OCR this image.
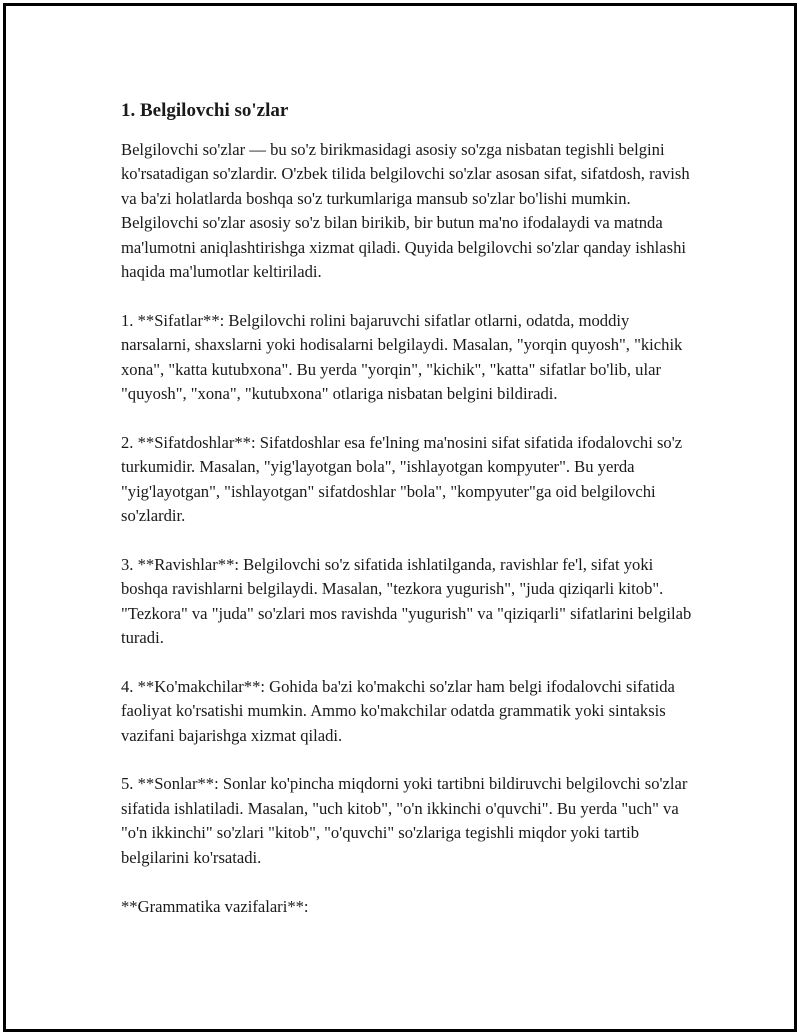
1. Belgilovchi so'zlar

Belgilovchi so'zlar — bu so'z birikmasidagi asosiy so'zga nisbatan tegishli belgini ko'rsatadigan so'zlardir. O'zbek tilida belgilovchi so'zlar asosan sifat, sifatdosh, ravish va ba'zi holatlarda boshqa so'z turkumlariga mansub so'zlar bo'lishi mumkin. Belgilovchi so'zlar asosiy so'z bilan birikib, bir butun ma'no ifodalaydi va matnda ma'lumotni aniqlashtirishga xizmat qiladi. Quyida belgilovchi so'zlar qanday ishlashi haqida ma'lumotlar keltiriladi.

1. **Sifatlar**: Belgilovchi rolini bajaruvchi sifatlar otlarni, odatda, moddiy narsalarni, shaxslarni yoki hodisalarni belgilaydi. Masalan, "yorqin quyosh", "kichik xona", "katta kutubxona". Bu yerda "yorqin", "kichik", "katta" sifatlar bo'lib, ular "quyosh", "xona", "kutubxona" otlariga nisbatan belgini bildiradi.

2. **Sifatdoshlar**: Sifatdoshlar esa fe'lning ma'nosini sifat sifatida ifodalovchi so'z turkumidir. Masalan, "yig'layotgan bola", "ishlayotgan kompyuter". Bu yerda "yig'layotgan", "ishlayotgan" sifatdoshlar "bola", "kompyuter"ga oid belgilovchi so'zlardir.

3. **Ravishlar**: Belgilovchi so'z sifatida ishlatilganda, ravishlar fe'l, sifat yoki boshqa ravishlarni belgilaydi. Masalan, "tezkora yugurish", "juda qiziqarli kitob". "Tezkora" va "juda" so'zlari mos ravishda "yugurish" va "qiziqarli" sifatlarini belgilab turadi.

4. **Ko'makchilar**: Gohida ba'zi ko'makchi so'zlar ham belgi ifodalovchi sifatida faoliyat ko'rsatishi mumkin. Ammo ko'makchilar odatda grammatik yoki sintaksis vazifani bajarishga xizmat qiladi.

5. **Sonlar**: Sonlar ko'pincha miqdorni yoki tartibni bildiruvchi belgilovchi so'zlar sifatida ishlatiladi. Masalan, "uch kitob", "o'n ikkinchi o'quvchi". Bu yerda "uch" va "o'n ikkinchi" so'zlari "kitob", "o'quvchi" so'zlariga tegishli miqdor yoki tartib belgilarini ko'rsatadi.

**Grammatika vazifalari**:
